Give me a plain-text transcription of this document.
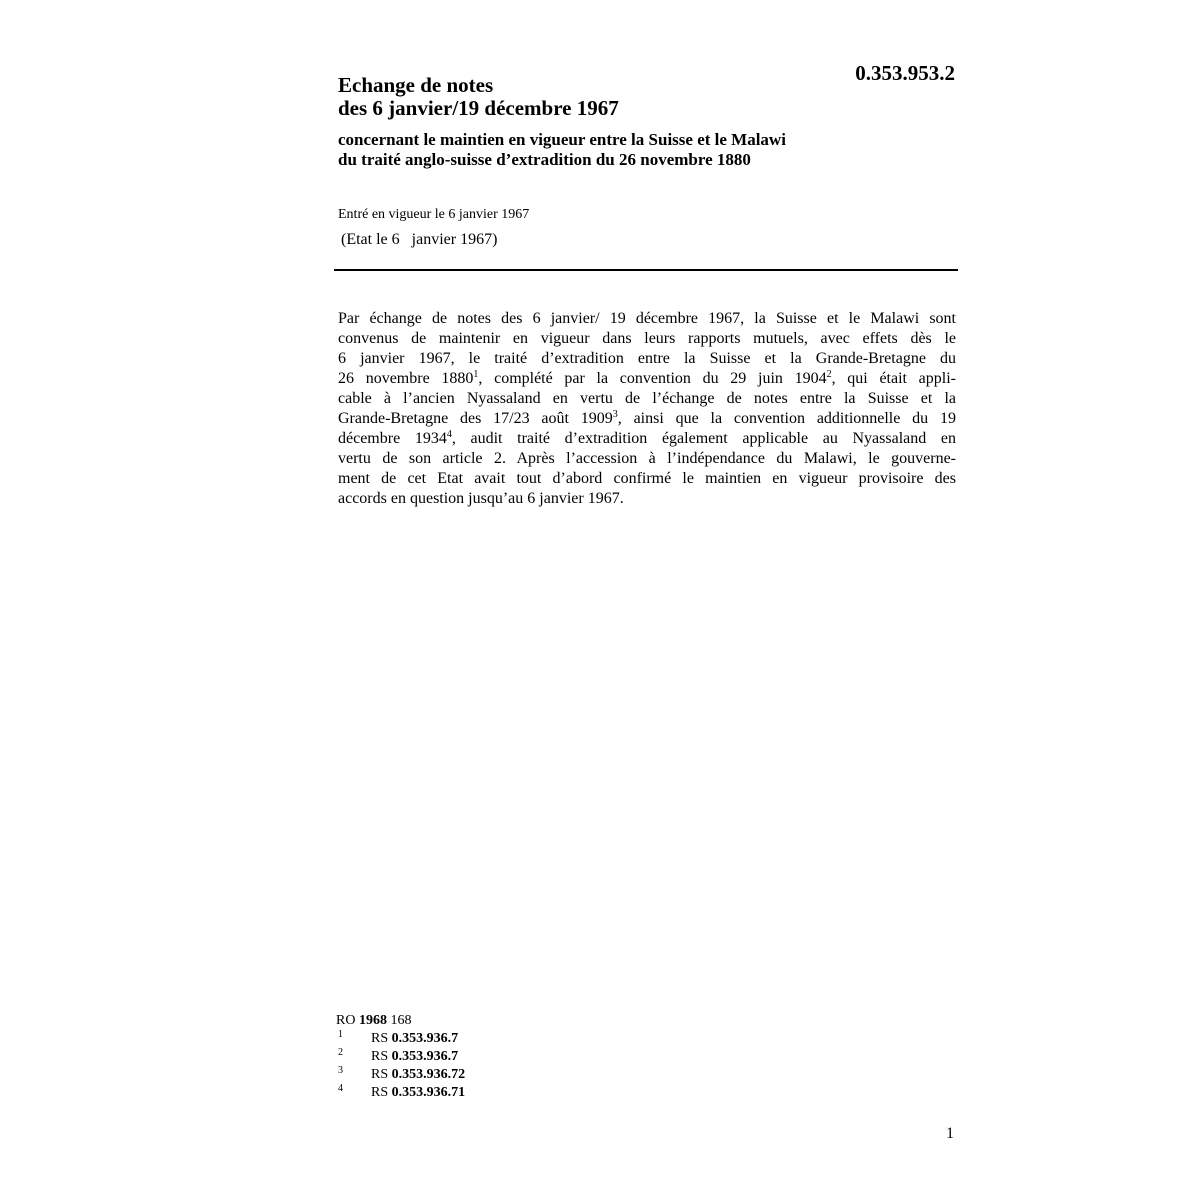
0.353.953.2
Echange de notes
des 6 janvier/19 décembre 1967
concernant le maintien en vigueur entre la Suisse et le Malawi
du traité anglo-suisse d’extradition du 26 novembre 1880
Entré en vigueur le 6 janvier 1967
(Etat le 6   janvier 1967)
Par échange de notes des 6 janvier/ 19 décembre 1967, la Suisse et le Malawi sont
convenus de maintenir en vigueur dans leurs rapports mutuels, avec effets dès le
6 janvier 1967, le traité d’extradition entre la Suisse et la Grande-Bretagne du
26 novembre 1880$^1$, complété par la convention du 29 juin 1904$^2$, qui était appli-
cable à l’ancien Nyassaland en vertu de l’échange de notes entre la Suisse et la
Grande-Bretagne des 17/23 août 1909$^3$, ainsi que la convention additionnelle du 19
décembre 1934$^4$, audit traité d’extradition également applicable au Nyassaland en
vertu de son article 2. Après l’accession à l’indépendance du Malawi, le gouverne-
ment de cet Etat avait tout d’abord confirmé le maintien en vigueur provisoire des
accords en question jusqu’au 6 janvier 1967.
RO 1968 168
1 RS 0.353.936.7
2 RS 0.353.936.7
3 RS 0.353.936.72
4 RS 0.353.936.71
1
